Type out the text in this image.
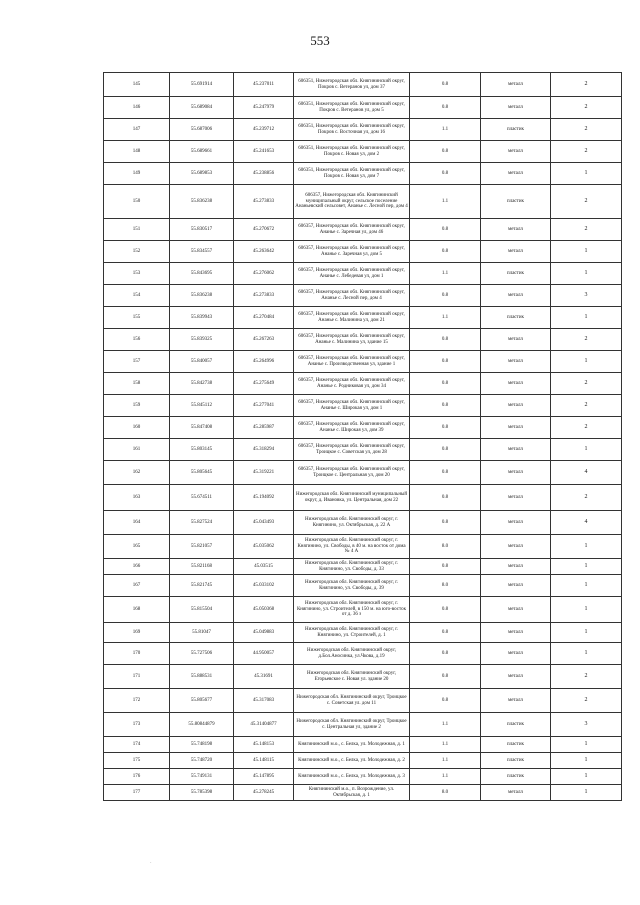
553
145	55.691914	45.237011	606351, Нижегородская обл. Княгининский округ, Покров с. Ветеранов ул, дом 37	0.8	металл	2
146	55.689084	45.247979	606351, Нижегородская обл. Княгининский округ, Покров с. Ветеранов ул, дом 5	0.8	металл	2
147	55.687006	45.239712	606351, Нижегородская обл. Княгининский округ, Покров с. Восточная ул, дом 16	1.1	пластик	2
148	55.689661	45.241653	606351, Нижегородская обл. Княгининский округ, Покров с. Новая ул, дом 2	0.8	металл	2
149	55.689853	45.238856	606351, Нижегородская обл. Княгининский округ, Покров с. Новая ул, дом 7	0.8	металл	1
150	55.836238	45.273833	606357, Нижегородская обл. Княгининский муниципальный округ, сельское поселение Ананьевский сельсовет, Ананье с. Лесной пер, дом 4	1.1	пластик	2
151	55.830517	45.270672	606357, Нижегородская обл. Княгининский округ, Ананье с. Заречная ул, дом 46	0.8	металл	2
152	55.834557	45.263642	606357, Нижегородская обл. Княгининский округ, Ананье с. Заречная ул, дом 5	0.8	металл	1
153	55.843695	45.276062	606357, Нижегородская обл. Княгининский округ, Ананье с. Лебедевая ул, дом 1	1.1	пластик	1
154	55.836238	45.273833	606357, Нижегородская обл. Княгининский округ, Ананье с. Лесной пер, дом 4	0.8	металл	3
155	55.839943	45.270484	606357, Нижегородская обл. Княгининский округ, Ананье с. Малинина ул, дом 21	1.1	пластик	1
156	55.839325	45.267263	606357, Нижегородская обл. Княгининский округ, Ананье с. Малинина ул, здание 15	0.8	металл	2
157	55.840057	45.264996	606357, Нижегородская обл. Княгининский округ, Ананье с. Производственная ул, здание 1	0.8	металл	1
158	55.842738	45.275649	606357, Нижегородская обл. Княгининский округ, Ананье с. Родниковая ул, дом 34	0.8	металл	2
159	55.845112	45.277041	606357, Нижегородская обл. Княгининский округ, Ананье с. Широкая ул, дом 1	0.8	металл	2
160	55.847408	45.285987	606357, Нижегородская обл. Княгининский округ, Ананье с. Широкая ул, дом 39	0.8	металл	2
161	55.803145	45.318294	606357, Нижегородская обл. Княгининский округ, Троицкое с. Советская ул, дом 28	0.8	металл	1
162	55.805645	45.319221	606357, Нижегородская обл. Княгининский округ, Троицкое с. Центральная ул, дом 20	0.8	металл	4
163	55.674511	45.194092	Нижегородская обл. Княгининский муниципальный округ, д. Ивановка, ул. Центральная, дом 22	0.8	металл	2
164	55.827524	45.043493	Нижегородская обл. Княгининский округ, г. Княгинино, ул. Октябрьская, д. 22 А	0.8	металл	4
165	55.821057	45.035062	Нижегородская обл. Княгининский округ, г. Княгинино, ул. Свободы, в 40 м. на восток от дома № 4 А	8.0	металл	1
166	55.821168	45.03515	Нижегородская обл. Княгининский округ, г. Княгинино, ул. Свободы, д. 33	0.8	металл	1
167	55.821745	45.033102	Нижегородская обл. Княгининский округ, г. Княгинино, ул. Свободы, д. 39	8.0	металл	1
168	55.815504	45.050368	Нижегородская обл. Княгининский округ, г. Княгинино, ул. Строителей, в 150 м. на юго-восток от д. 36 з	0.8	металл	1
169	55.81047	45.049883	Нижегородская обл. Княгининский округ, г. Княгинино, ул. Строителей, д. 1	0.8	металл	1
170	55.727506	44.950057	Нижегородская обл. Княгининский округ, д.Бол.Аносинка, ул.Чкова, д.19	0.8	металл	1
171	55.888531	45.31691	Нижегородская обл. Княгининский округ, Егорьевское с. Новая ул. здание 20	0.8	металл	2
172	55.805677	45.317083	Нижегородская обл. Княгининский округ, Троицкое с. Советская ул. дом 11	0.8	металл	2
173	55.80844879	45.31404877	Нижегородская обл. Княгининский округ, Троицкое с. Центральная ул, здание 2	1.1	пластик	3
174	55.748198	45.148153	Княгининский м.о., с. Белка, ул. Молодежная, д. 1	1.1	пластик	1
175	55.748720	45.148115	Княгининский м.о., с. Белка, ул. Молодежная, д. 2	1.1	пластик	1
176	55.749131	45.147895	Княгининский м.о., с. Белка, ул. Молодежная, д. 3	1.1	пластик	1
177	55.785398	45.278245	Княгининский м.о., п. Возрождение, ул. Октябрьская, д. 1	8.0	металл	1
·
